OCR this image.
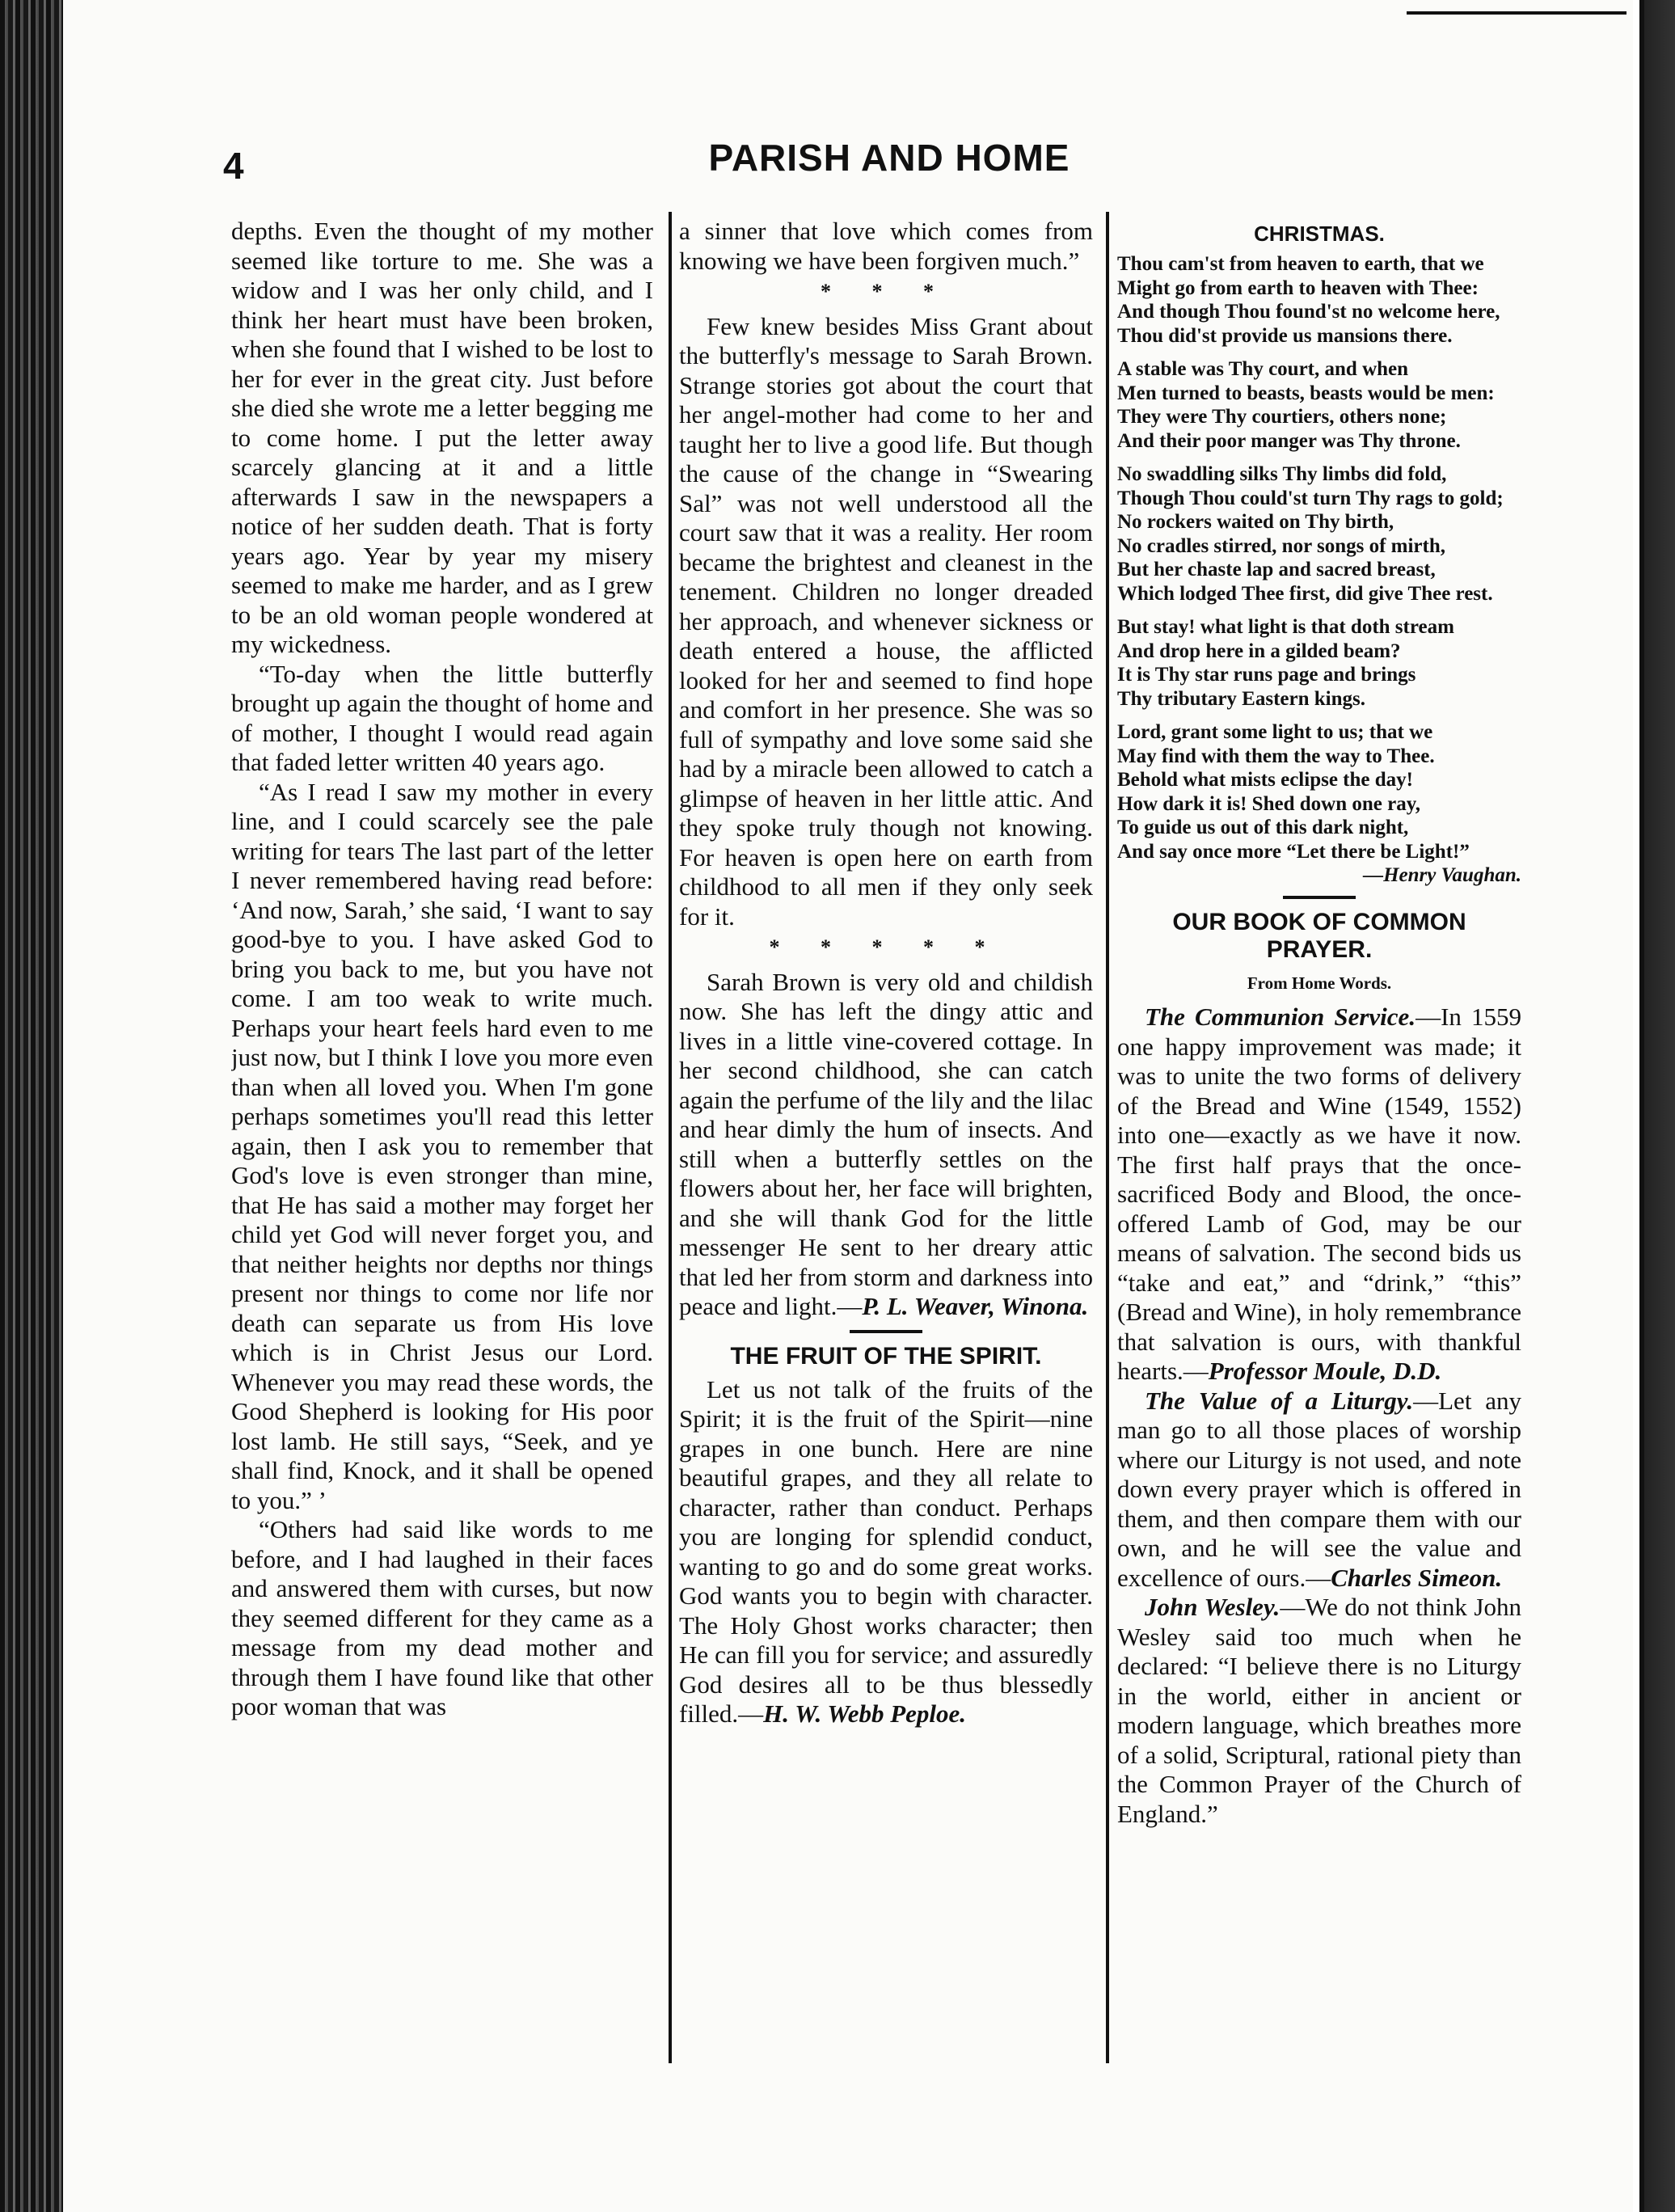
4	PARISH AND HOME

depths. Even the thought of my mother seemed like torture to me. She was a widow and I was her only child, and I think her heart must have been broken, when she found that I wished to be lost to her for ever in the great city. Just before she died she wrote me a letter begging me to come home. I put the letter away scarcely glancing at it and a little afterwards I saw in the newspapers a notice of her sudden death. That is forty years ago. Year by year my misery seemed to make me harder, and as I grew to be an old woman people wondered at my wickedness.

“To-day when the little butterfly brought up again the thought of home and of mother, I thought I would read again that faded letter written 40 years ago.

“As I read I saw my mother in every line, and I could scarcely see the pale writing for tears The last part of the letter I never remembered having read before: ‘And now, Sarah,’ she said, ‘I want to say good-bye to you. I have asked God to bring you back to me, but you have not come. I am too weak to write much. Perhaps your heart feels hard even to me just now, but I think I love you more even than when all loved you. When I'm gone perhaps sometimes you'll read this letter again, then I ask you to remember that God's love is even stronger than mine, that He has said a mother may forget her child yet God will never forget you, and that neither heights nor depths nor things present nor things to come nor life nor death can separate us from His love which is in Christ Jesus our Lord. Whenever you may read these words, the Good Shepherd is looking for His poor lost lamb. He still says, “Seek, and ye shall find, Knock, and it shall be opened to you.” ’

“Others had said like words to me before, and I had laughed in their faces and answered them with curses, but now they seemed different for they came as a message from my dead mother and through them I have found like that other poor woman that was

a sinner that love which comes from knowing we have been forgiven much.”

* * *

Few knew besides Miss Grant about the butterfly's message to Sarah Brown. Strange stories got about the court that her angel-mother had come to her and taught her to live a good life. But though the cause of the change in “Swearing Sal” was not well understood all the court saw that it was a reality. Her room became the brightest and cleanest in the tenement. Children no longer dreaded her approach, and whenever sickness or death entered a house, the afflicted looked for her and seemed to find hope and comfort in her presence. She was so full of sympathy and love some said she had by a miracle been allowed to catch a glimpse of heaven in her little attic. And they spoke truly though not knowing. For heaven is open here on earth from childhood to all men if they only seek for it.

* * * * *

Sarah Brown is very old and childish now. She has left the dingy attic and lives in a little vine-covered cottage. In her second childhood, she can catch again the perfume of the lily and the lilac and hear dimly the hum of insects. And still when a butterfly settles on the flowers about her, her face will brighten, and she will thank God for the little messenger He sent to her dreary attic that led her from storm and darkness into peace and light.—P. L. Weaver, Winona.

THE FRUIT OF THE SPIRIT.

Let us not talk of the fruits of the Spirit; it is the fruit of the Spirit—nine grapes in one bunch. Here are nine beautiful grapes, and they all relate to character, rather than conduct. Perhaps you are longing for splendid conduct, wanting to go and do some great works. God wants you to begin with character. The Holy Ghost works character; then He can fill you for service; and assuredly God desires all to be thus blessedly filled.—H. W. Webb Peploe.

CHRISTMAS.
Thou cam'st from heaven to earth, that we
Might go from earth to heaven with Thee:
And though Thou found'st no welcome here,
Thou did'st provide us mansions there.
A stable was Thy court, and when
Men turned to beasts, beasts would be men:
They were Thy courtiers, others none;
And their poor manger was Thy throne.
No swaddling silks Thy limbs did fold,
Though Thou could'st turn Thy rags to gold;
No rockers waited on Thy birth,
No cradles stirred, nor songs of mirth,
But her chaste lap and sacred breast,
Which lodged Thee first, did give Thee rest.
But stay! what light is that doth stream
And drop here in a gilded beam?
It is Thy star runs page and brings
Thy tributary Eastern kings.
Lord, grant some light to us; that we
May find with them the way to Thee.
Behold what mists eclipse the day!
How dark it is! Shed down one ray,
To guide us out of this dark night,
And say once more “Let there be Light!”
—Henry Vaughan.
OUR BOOK OF COMMON PRAYER.
From Home Words.

The Communion Service.—In 1559 one happy improvement was made; it was to unite the two forms of delivery of the Bread and Wine (1549, 1552) into one—exactly as we have it now. The first half prays that the once-sacrificed Body and Blood, the once-offered Lamb of God, may be our means of salvation. The second bids us “take and eat,” and “drink,” “this” (Bread and Wine), in holy remembrance that salvation is ours, with thankful hearts.—Professor Moule, D.D.

The Value of a Liturgy.—Let any man go to all those places of worship where our Liturgy is not used, and note down every prayer which is offered in them, and then compare them with our own, and he will see the value and excellence of ours.—Charles Simeon.

John Wesley.—We do not think John Wesley said too much when he declared: “I believe there is no Liturgy in the world, either in ancient or modern language, which breathes more of a solid, Scriptural, rational piety than the Common Prayer of the Church of England.”
